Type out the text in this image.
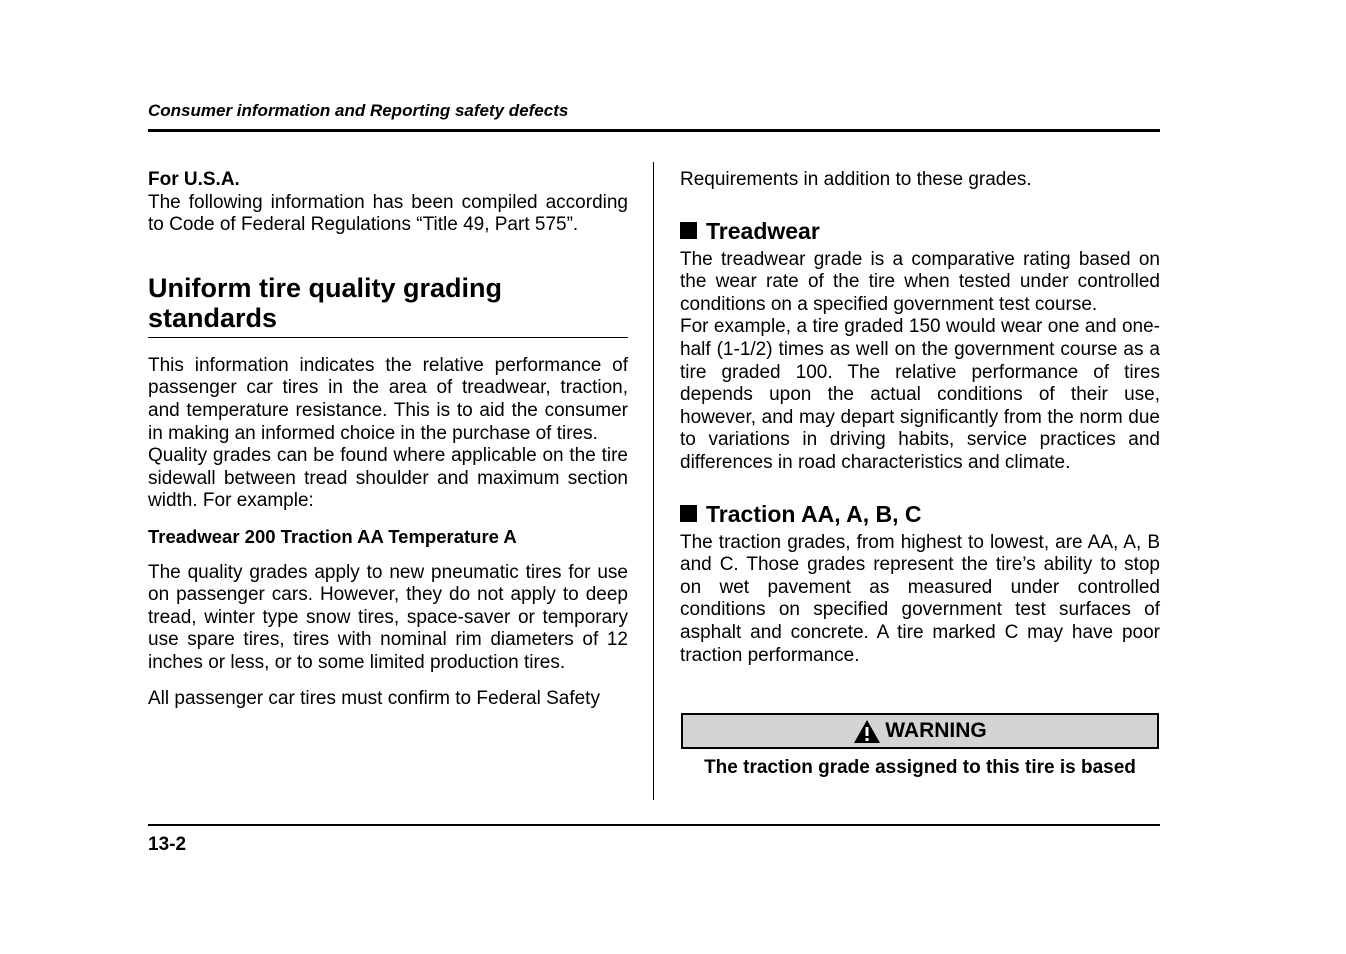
Consumer information and Reporting safety defects

For U.S.A.

The following information has been compiled according to Code of Federal Regulations “Title 49, Part 575”.

Uniform tire quality grading standards

This information indicates the relative performance of passenger car tires in the area of treadwear, traction, and temperature resistance. This is to aid the consumer in making an informed choice in the purchase of tires.

Quality grades can be found where applicable on the tire sidewall between tread shoulder and maximum section width. For example:

Treadwear 200 Traction AA Temperature A

The quality grades apply to new pneumatic tires for use on passenger cars. However, they do not apply to deep tread, winter type snow tires, space-saver or temporary use spare tires, tires with nominal rim diameters of 12 inches or less, or to some limited production tires.

All passenger car tires must confirm to Federal Safety

Requirements in addition to these grades.

Treadwear

The treadwear grade is a comparative rating based on the wear rate of the tire when tested under controlled conditions on a specified government test course.

For example, a tire graded 150 would wear one and one-half (1-1/2) times as well on the government course as a tire graded 100. The relative performance of tires depends upon the actual conditions of their use, however, and may depart significantly from the norm due to variations in driving habits, service practices and differences in road characteristics and climate.

Traction AA, A, B, C

The traction grades, from highest to lowest, are AA, A, B and C. Those grades represent the tire’s ability to stop on wet pavement as measured under controlled conditions on specified government test surfaces of asphalt and concrete. A tire marked C may have poor traction performance.

WARNING
The traction grade assigned to this tire is based
13-2
